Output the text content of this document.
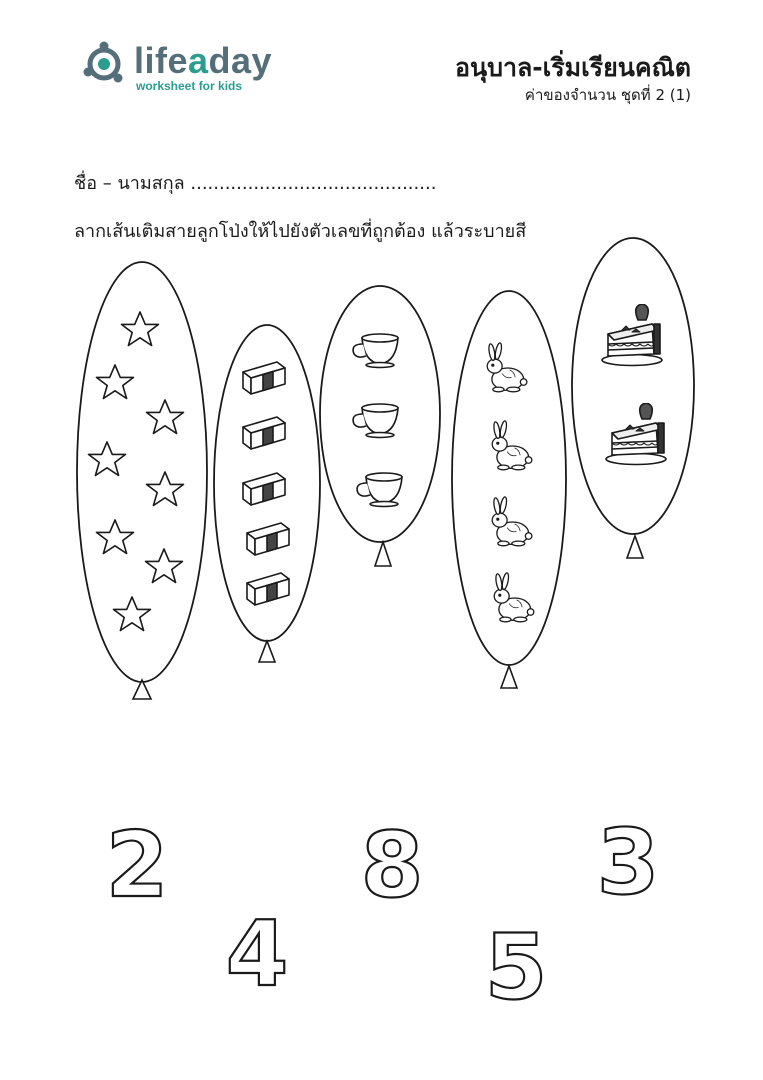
lifeaday
worksheet for kids
อนุบาล-เริ่มเรียนคณิต
ค่าของจำนวน ชุดที่ 2 (1)
ชื่อ – นามสกุล ...........................................
ลากเส้นเติมสายลูกโป่งให้ไปยังตัวเลขที่ถูกต้อง แล้วระบายสี
2 8 3
4 5
